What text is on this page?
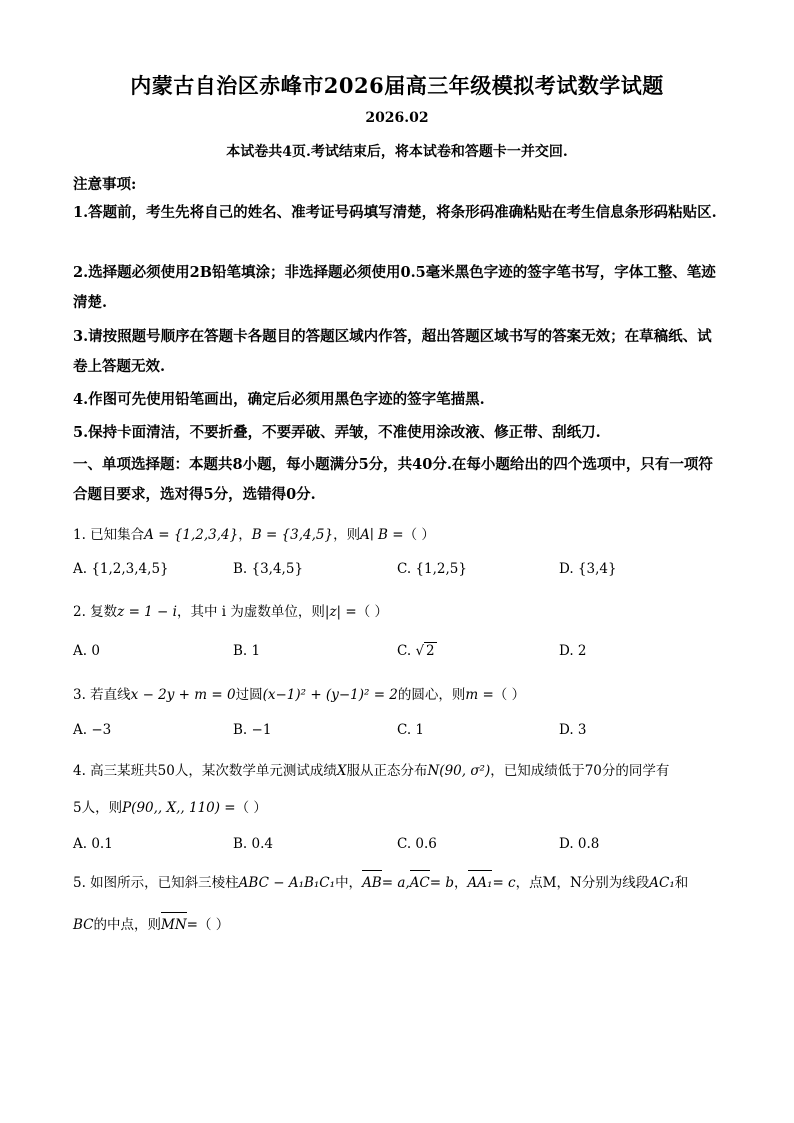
内蒙古自治区赤峰市2026届高三年级模拟考试数学试题
2026.02
本试卷共4页.考试结束后，将本试卷和答题卡一并交回.
注意事项:
1.答题前，考生先将自己的姓名、准考证号码填写清楚，将条形码准确粘贴在考生信息条形码粘贴区.
2.选择题必须使用2B铅笔填涂；非选择题必须使用0.5毫米黑色字迹的签字笔书写，字体工整、笔迹清楚.
3.请按照题号顺序在答题卡各题目的答题区域内作答，超出答题区域书写的答案无效；在草稿纸、试卷上答题无效.
4.作图可先使用铅笔画出，确定后必须用黑色字迹的签字笔描黑.
5.保持卡面清洁，不要折叠，不要弄破、弄皱，不准使用涂改液、修正带、刮纸刀.
一、单项选择题：本题共8小题，每小题满分5分，共40分.在每小题给出的四个选项中，只有一项符合题目要求，选对得5分，选错得0分.
1. 已知集合A = {1,2,3,4}，B = {3,4,5}，则A∣ B =（ ）
A. {1,2,3,4,5}	B. {3,4,5}	C. {1,2,5}	D. {3,4}
2. 复数z = 1 − i，其中 i 为虚数单位，则|z| =（ ）
A. 0	B. 1	C. √ 2	D. 2
3. 若直线x − 2y + m = 0过圆(x−1)² + (y−1)² = 2的圆心，则m =（ ）
A. −3	B. −1	C. 1	D. 3
4. 高三某班共50人，某次数学单元测试成绩X服从正态分布N(90, σ²)，已知成绩低于70分的同学有
5人，则P(90,, X,, 110) =（ ）
A. 0.1	B. 0.4	C. 0.6	D. 0.8
5. 如图所示，已知斜三棱柱ABC − A₁B₁C₁中，AB= a,AC= b，AA₁= c，点M，N分别为线段AC₁和
BC的中点，则MN=（ ）
